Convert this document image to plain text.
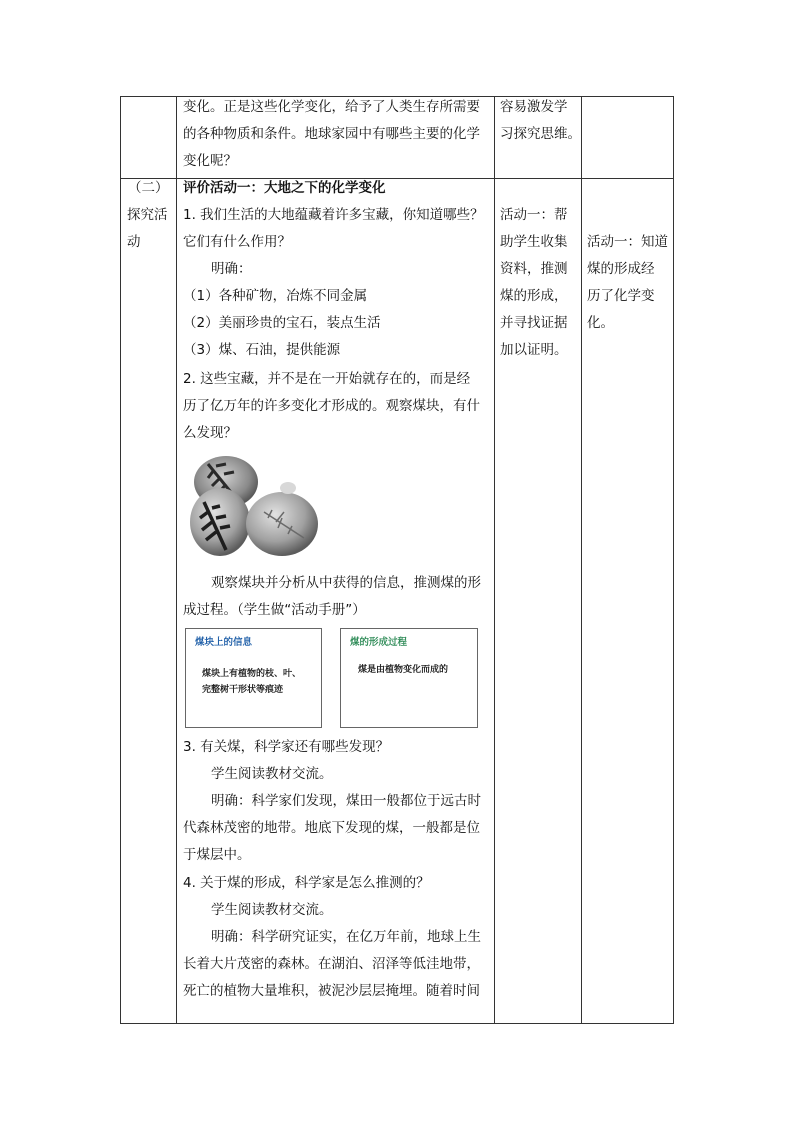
变化。正是这些化学变化，给予了人类生存所需要
的各种物质和条件。地球家园中有哪些主要的化学
变化呢？
容易激发学
习探究思维。
（二）
探究活
动
评价活动一：大地之下的化学变化
1. 我们生活的大地蕴藏着许多宝藏，你知道哪些？
它们有什么作用？
明确：
（1）各种矿物，冶炼不同金属
（2）美丽珍贵的宝石，装点生活
（3）煤、石油，提供能源
2. 这些宝藏，并不是在一开始就存在的，而是经
历了亿万年的许多变化才形成的。观察煤块，有什
么发现？
观察煤块并分析从中获得的信息，推测煤的形
成过程。（学生做“活动手册”）
煤块上的信息
煤块上有植物的枝、叶、
完整树干形状等痕迹
煤的形成过程
煤是由植物变化而成的
3. 有关煤，科学家还有哪些发现？
学生阅读教材交流。
明确：科学家们发现，煤田一般都位于远古时
代森林茂密的地带。地底下发现的煤，一般都是位
于煤层中。
4. 关于煤的形成，科学家是怎么推测的？
学生阅读教材交流。
明确：科学研究证实，在亿万年前，地球上生
长着大片茂密的森林。在湖泊、沼泽等低洼地带，
死亡的植物大量堆积，被泥沙层层掩埋。随着时间
活动一：帮
助学生收集
资料，推测
煤的形成，
并寻找证据
加以证明。
活动一：知道
煤的形成经
历了化学变
化。
